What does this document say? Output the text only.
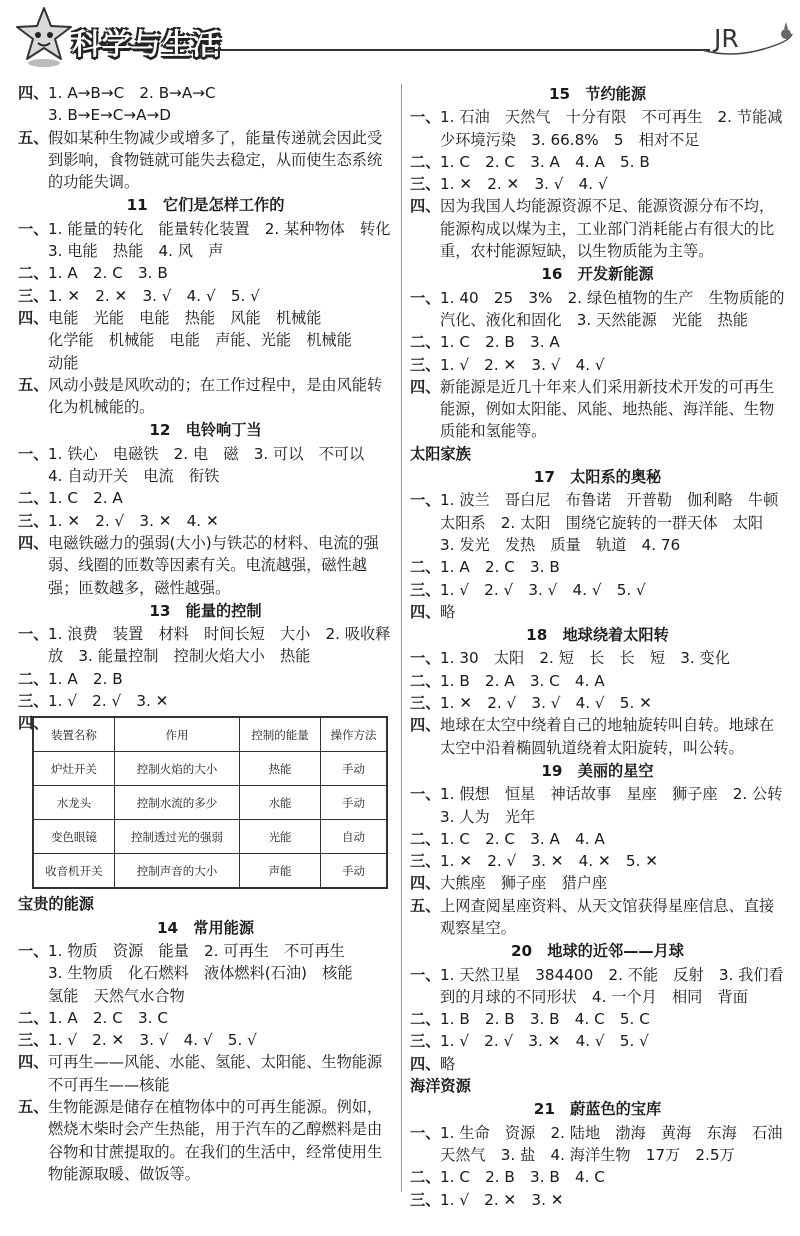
科学与生活	JR
四、 1. A→B→C　2. B→A→C
3. B→E→C→A→D
五、 假如某种生物减少或增多了，能量传递就会因此受到影响，食物链就可能失去稳定，从而使生态系统的功能失调。
11　它们是怎样工作的
一、 1. 能量的转化　能量转化装置　2. 某种物体　转化　3. 电能　热能　4. 风　声
二、 1. A　2. C　3. B
三、 1. ✕　2. ✕　3. √　4. √　5. √
四、 电能　光能　电能　热能　风能　机械能
化学能　机械能　电能　声能、光能　机械能
动能
五、 风动小鼓是风吹动的；在工作过程中，是由风能转化为机械能的。
12　电铃响丁当
一、 1. 铁心　电磁铁　2. 电　磁　3. 可以　不可以
4. 自动开关　电流　衔铁
二、 1. C　2. A
三、 1. ✕　2. √　3. ✕　4. ✕
四、 电磁铁磁力的强弱(大小)与铁芯的材料、电流的强弱、线圈的匝数等因素有关。电流越强，磁性越强；匝数越多，磁性越强。
13　能量的控制
一、 1. 浪费　装置　材料　时间长短　大小　2. 吸收释放　3. 能量控制　控制火焰大小　热能
二、 1. A　2. B
三、 1. √　2. √　3. ✕
四、
装置名称	作用	控制的能量	操作方法
炉灶开关	控制火焰的大小	热能	手动
水龙头	控制水流的多少	水能	手动
变色眼镜	控制透过光的强弱	光能	自动
收音机开关	控制声音的大小	声能	手动
宝贵的能源
14　常用能源
一、 1. 物质　资源　能量　2. 可再生　不可再生
3. 生物质　化石燃料　液体燃料(石油)　核能
氢能　天然气水合物
二、 1. A　2. C　3. C
三、 1. √　2. ✕　3. √　4. √　5. √
四、 可再生——风能、水能、氢能、太阳能、生物能源
不可再生——核能
五、 生物能源是储存在植物体中的可再生能源。例如，燃烧木柴时会产生热能，用于汽车的乙醇燃料是由谷物和甘蔗提取的。在我们的生活中，经常使用生物能源取暖、做饭等。
15　节约能源
一、 1. 石油　天然气　十分有限　不可再生　2. 节能减少环境污染　3. 66.8%　5　相对不足
二、 1. C　2. C　3. A　4. A　5. B
三、 1. ✕　2. ✕　3. √　4. √
四、 因为我国人均能源资源不足、能源资源分布不均，能源构成以煤为主，工业部门消耗能占有很大的比重，农村能源短缺，以生物质能为主等。
16　开发新能源
一、 1. 40　25　3%　2. 绿色植物的生产　生物质能的汽化、液化和固化　3. 天然能源　光能　热能
二、 1. C　2. B　3. A
三、 1. √　2. ✕　3. √　4. √
四、 新能源是近几十年来人们采用新技术开发的可再生能源，例如太阳能、风能、地热能、海洋能、生物质能和氢能等。
太阳家族
17　太阳系的奥秘
一、 1. 波兰　哥白尼　布鲁诺　开普勒　伽利略　牛顿　太阳系　2. 太阳　围绕它旋转的一群天体　太阳　3. 发光　发热　质量　轨道　4. 76
二、 1. A　2. C　3. B
三、 1. √　2. √　3. √　4. √　5. √
四、 略
18　地球绕着太阳转
一、 1. 30　太阳　2. 短　长　长　短　3. 变化
二、 1. B　2. A　3. C　4. A
三、 1. ✕　2. √　3. √　4. √　5. ✕
四、 地球在太空中绕着自己的地轴旋转叫自转。地球在太空中沿着椭圆轨道绕着太阳旋转，叫公转。
19　美丽的星空
一、 1. 假想　恒星　神话故事　星座　狮子座　2. 公转　3. 人为　光年
二、 1. C　2. C　3. A　4. A
三、 1. ✕　2. √　3. ✕　4. ✕　5. ✕
四、 大熊座　狮子座　猎户座
五、 上网查阅星座资料、从天文馆获得星座信息、直接观察星空。
20　地球的近邻——月球
一、 1. 天然卫星　384400　2. 不能　反射　3. 我们看到的月球的不同形状　4. 一个月　相同　背面
二、 1. B　2. B　3. B　4. C　5. C
三、 1. √　2. √　3. ✕　4. √　5. √
四、 略
海洋资源
21　蔚蓝色的宝库
一、 1. 生命　资源　2. 陆地　渤海　黄海　东海　石油　天然气　3. 盐　4. 海洋生物　17万　2.5万
二、 1. C　2. B　3. B　4. C
三、 1. √　2. ✕　3. ✕
